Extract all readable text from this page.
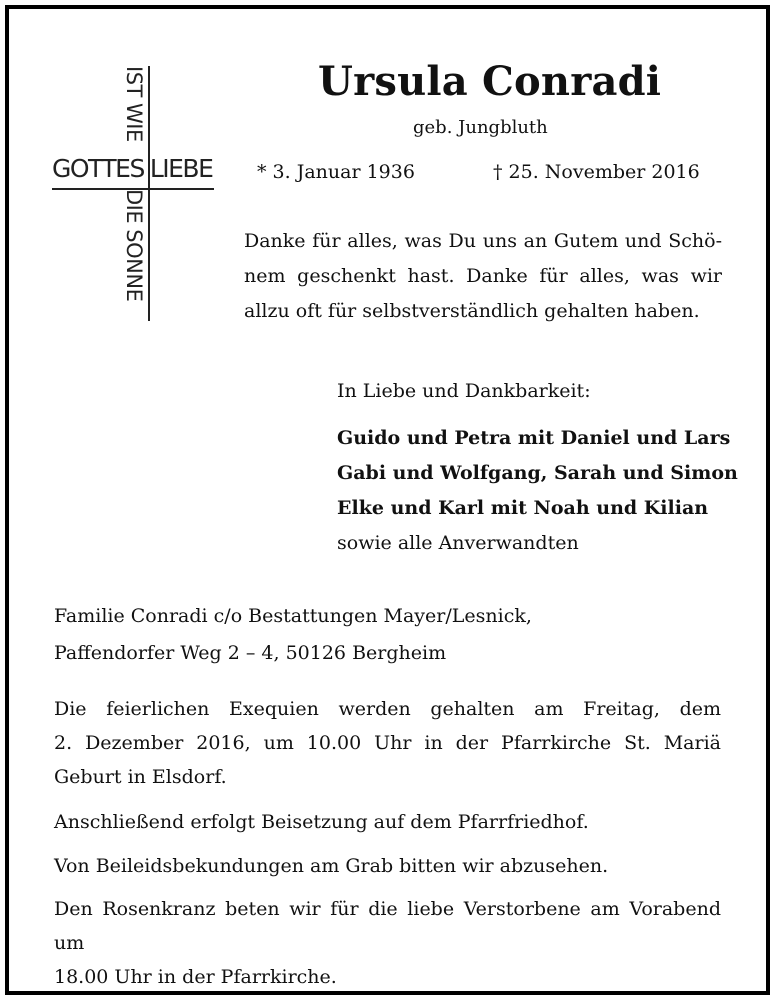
IST WIE
DIE SONNE
GOTTES LIEBE
Ursula Conradi
geb. Jungbluth
* 3. Januar 1936	† 25. November 2016
Danke für alles, was Du uns an Gutem und Schö-
nem geschenkt hast. Danke für alles, was wir
allzu oft für selbstverständlich gehalten haben.
In Liebe und Dankbarkeit:
Guido und Petra mit Daniel und Lars
Gabi und Wolfgang, Sarah und Simon
Elke und Karl mit Noah und Kilian
sowie alle Anverwandten
Familie Conradi c/o Bestattungen Mayer/Lesnick,
Paffendorfer Weg 2 – 4, 50126 Bergheim
Die feierlichen Exequien werden gehalten am Freitag, dem
2. Dezember 2016, um 10.00 Uhr in der Pfarrkirche St. Mariä
Geburt in Elsdorf.
Anschließend erfolgt Beisetzung auf dem Pfarrfriedhof.
Von Beileidsbekundungen am Grab bitten wir abzusehen.
Den Rosenkranz beten wir für die liebe Verstorbene am Vorabend um
18.00 Uhr in der Pfarrkirche.
